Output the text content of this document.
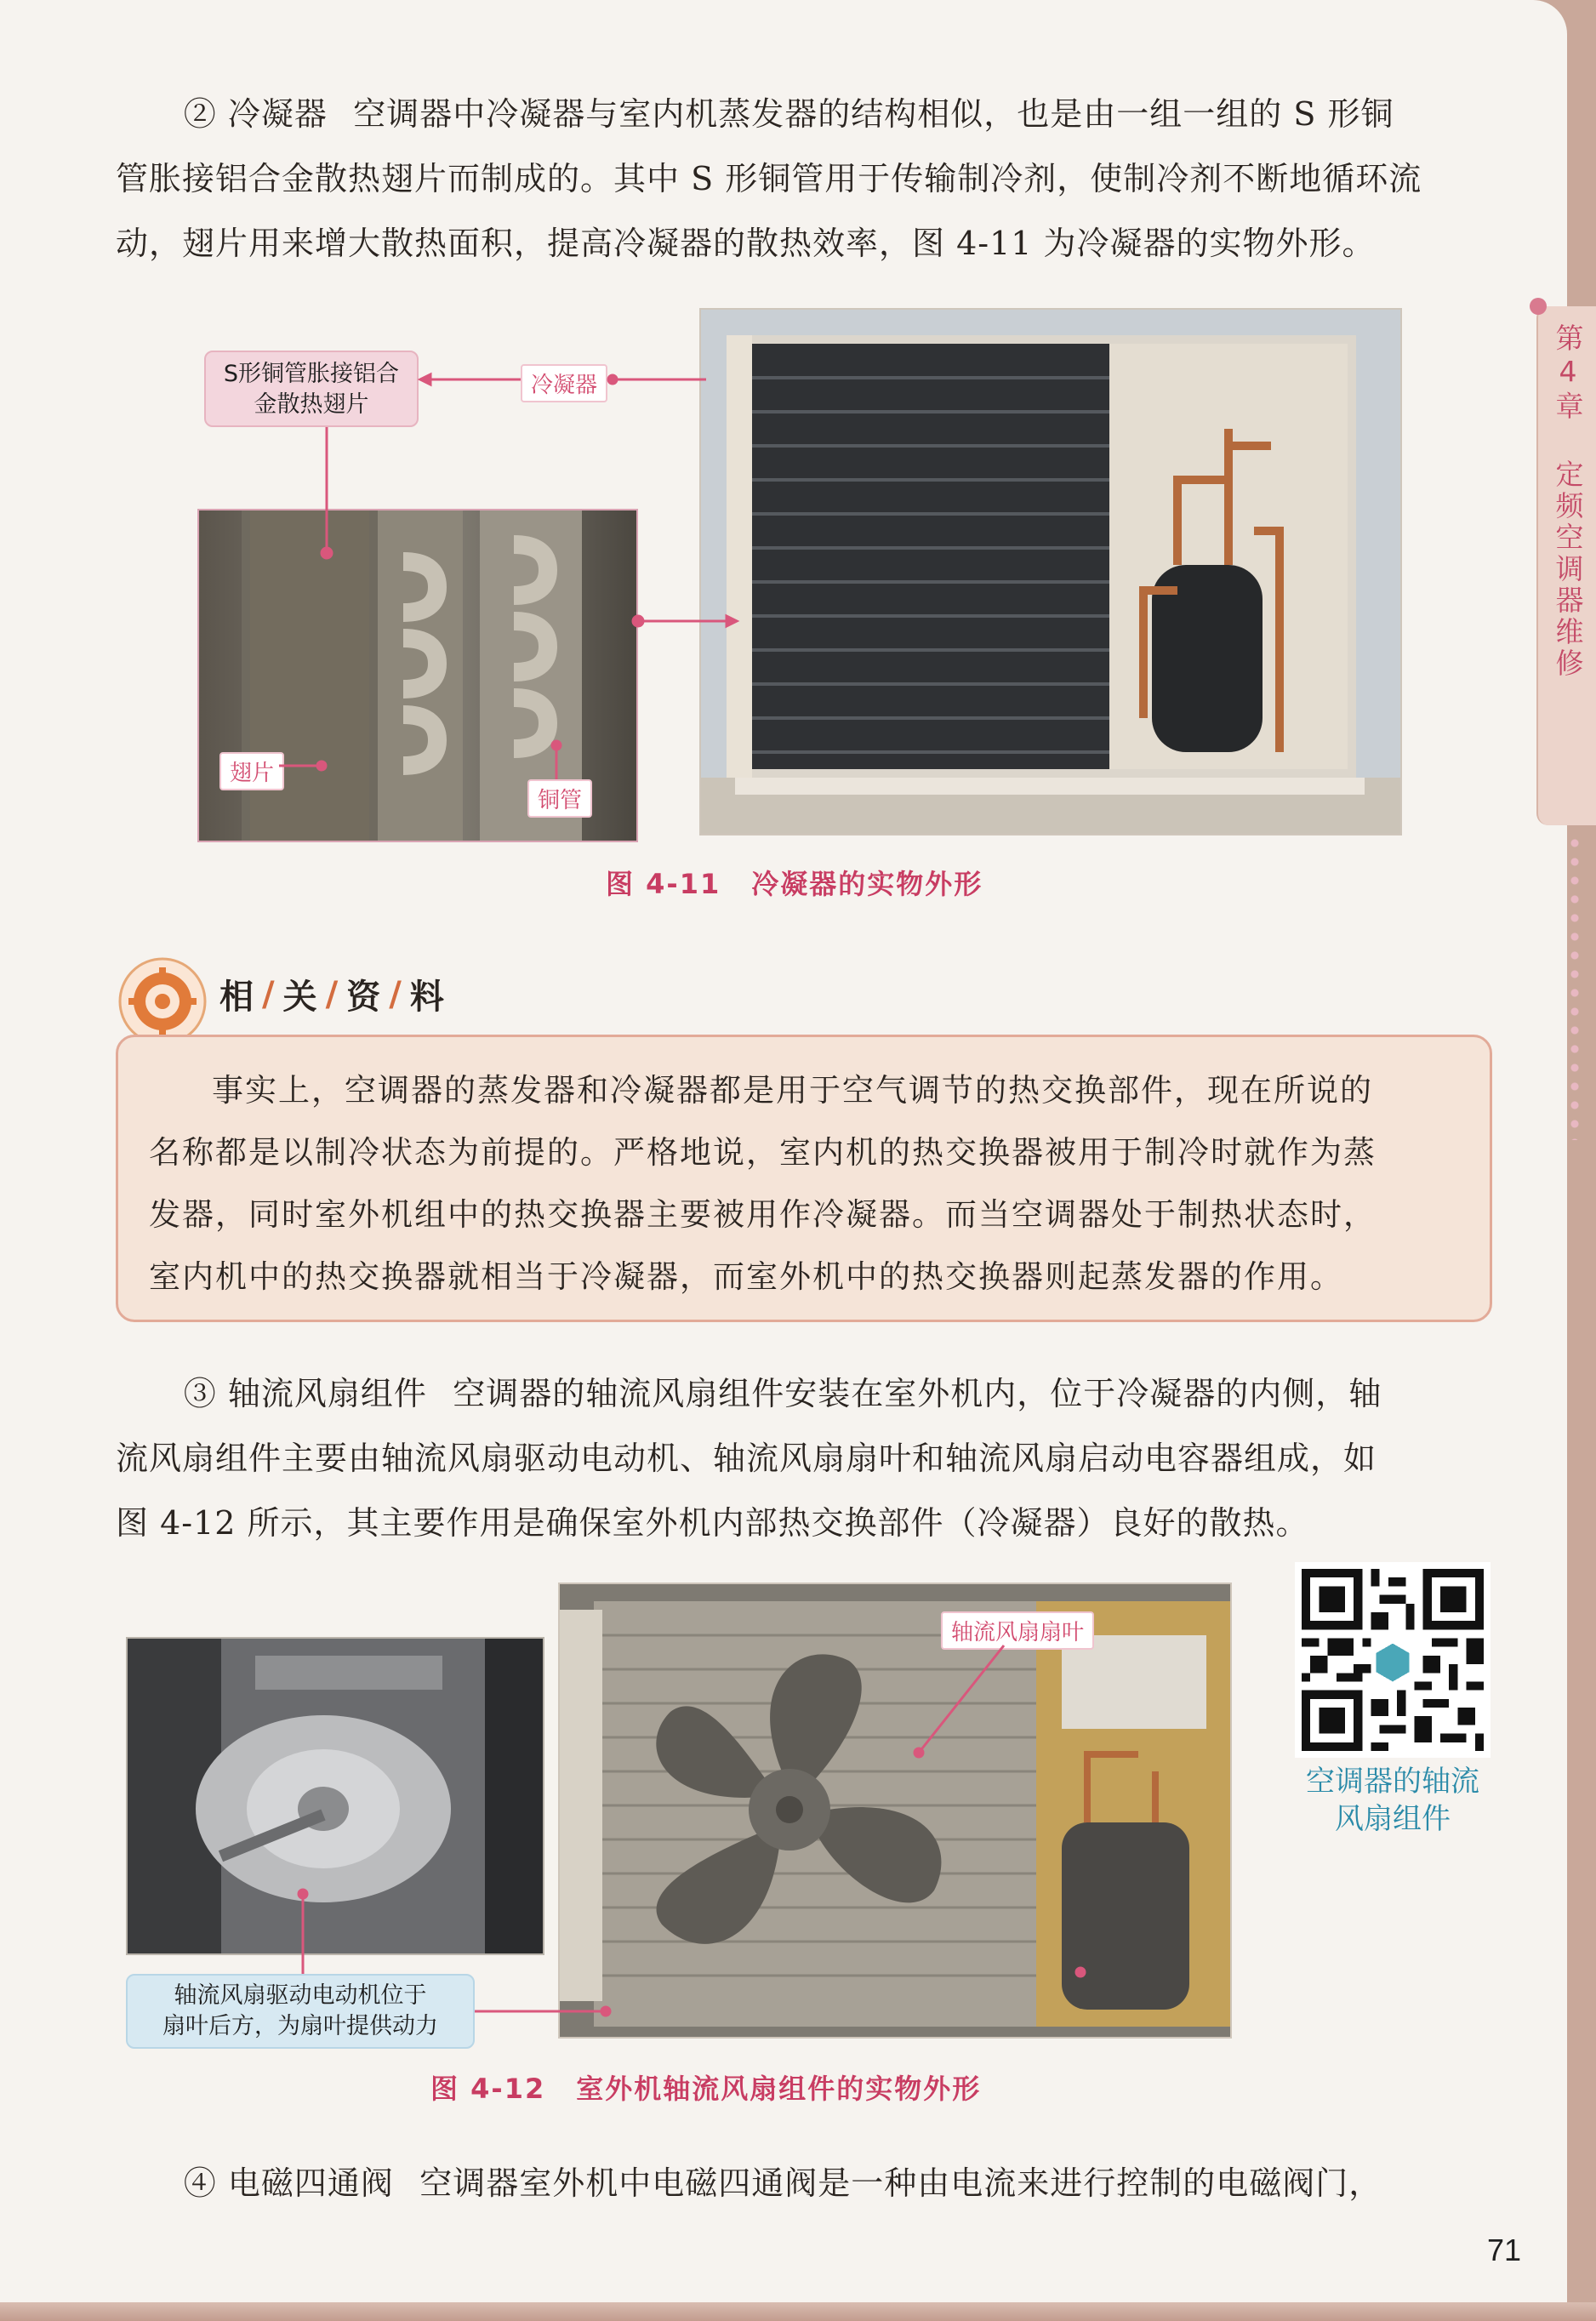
② 冷凝器 空调器中冷凝器与室内机蒸发器的结构相似，也是由一组一组的 S 形铜
管胀接铝合金散热翅片而制成的。其中 S 形铜管用于传输制冷剂，使制冷剂不断地循环流
动，翅片用来增大散热面积，提高冷凝器的散热效率，图 4-11 为冷凝器的实物外形。
第4章 定频空调器维修
S形铜管胀接铝合金散热翅片
冷凝器
翅片
铜管
图 4-11 冷凝器的实物外形
相 / 关 / 资 / 料
事实上，空调器的蒸发器和冷凝器都是用于空气调节的热交换部件，现在所说的
名称都是以制冷状态为前提的。严格地说，室内机的热交换器被用于制冷时就作为蒸
发器，同时室外机组中的热交换器主要被用作冷凝器。而当空调器处于制热状态时，
室内机中的热交换器就相当于冷凝器，而室外机中的热交换器则起蒸发器的作用。
③ 轴流风扇组件 空调器的轴流风扇组件安装在室外机内，位于冷凝器的内侧，轴
流风扇组件主要由轴流风扇驱动电动机、轴流风扇扇叶和轴流风扇启动电容器组成，如
图 4-12 所示，其主要作用是确保室外机内部热交换部件（冷凝器）良好的散热。
空调器的轴流
风扇组件
轴流风扇扇叶
轴流风扇驱动电动机位于
扇叶后方，为扇叶提供动力
图 4-12 室外机轴流风扇组件的实物外形
④ 电磁四通阀 空调器室外机中电磁四通阀是一种由电流来进行控制的电磁阀门，
71
